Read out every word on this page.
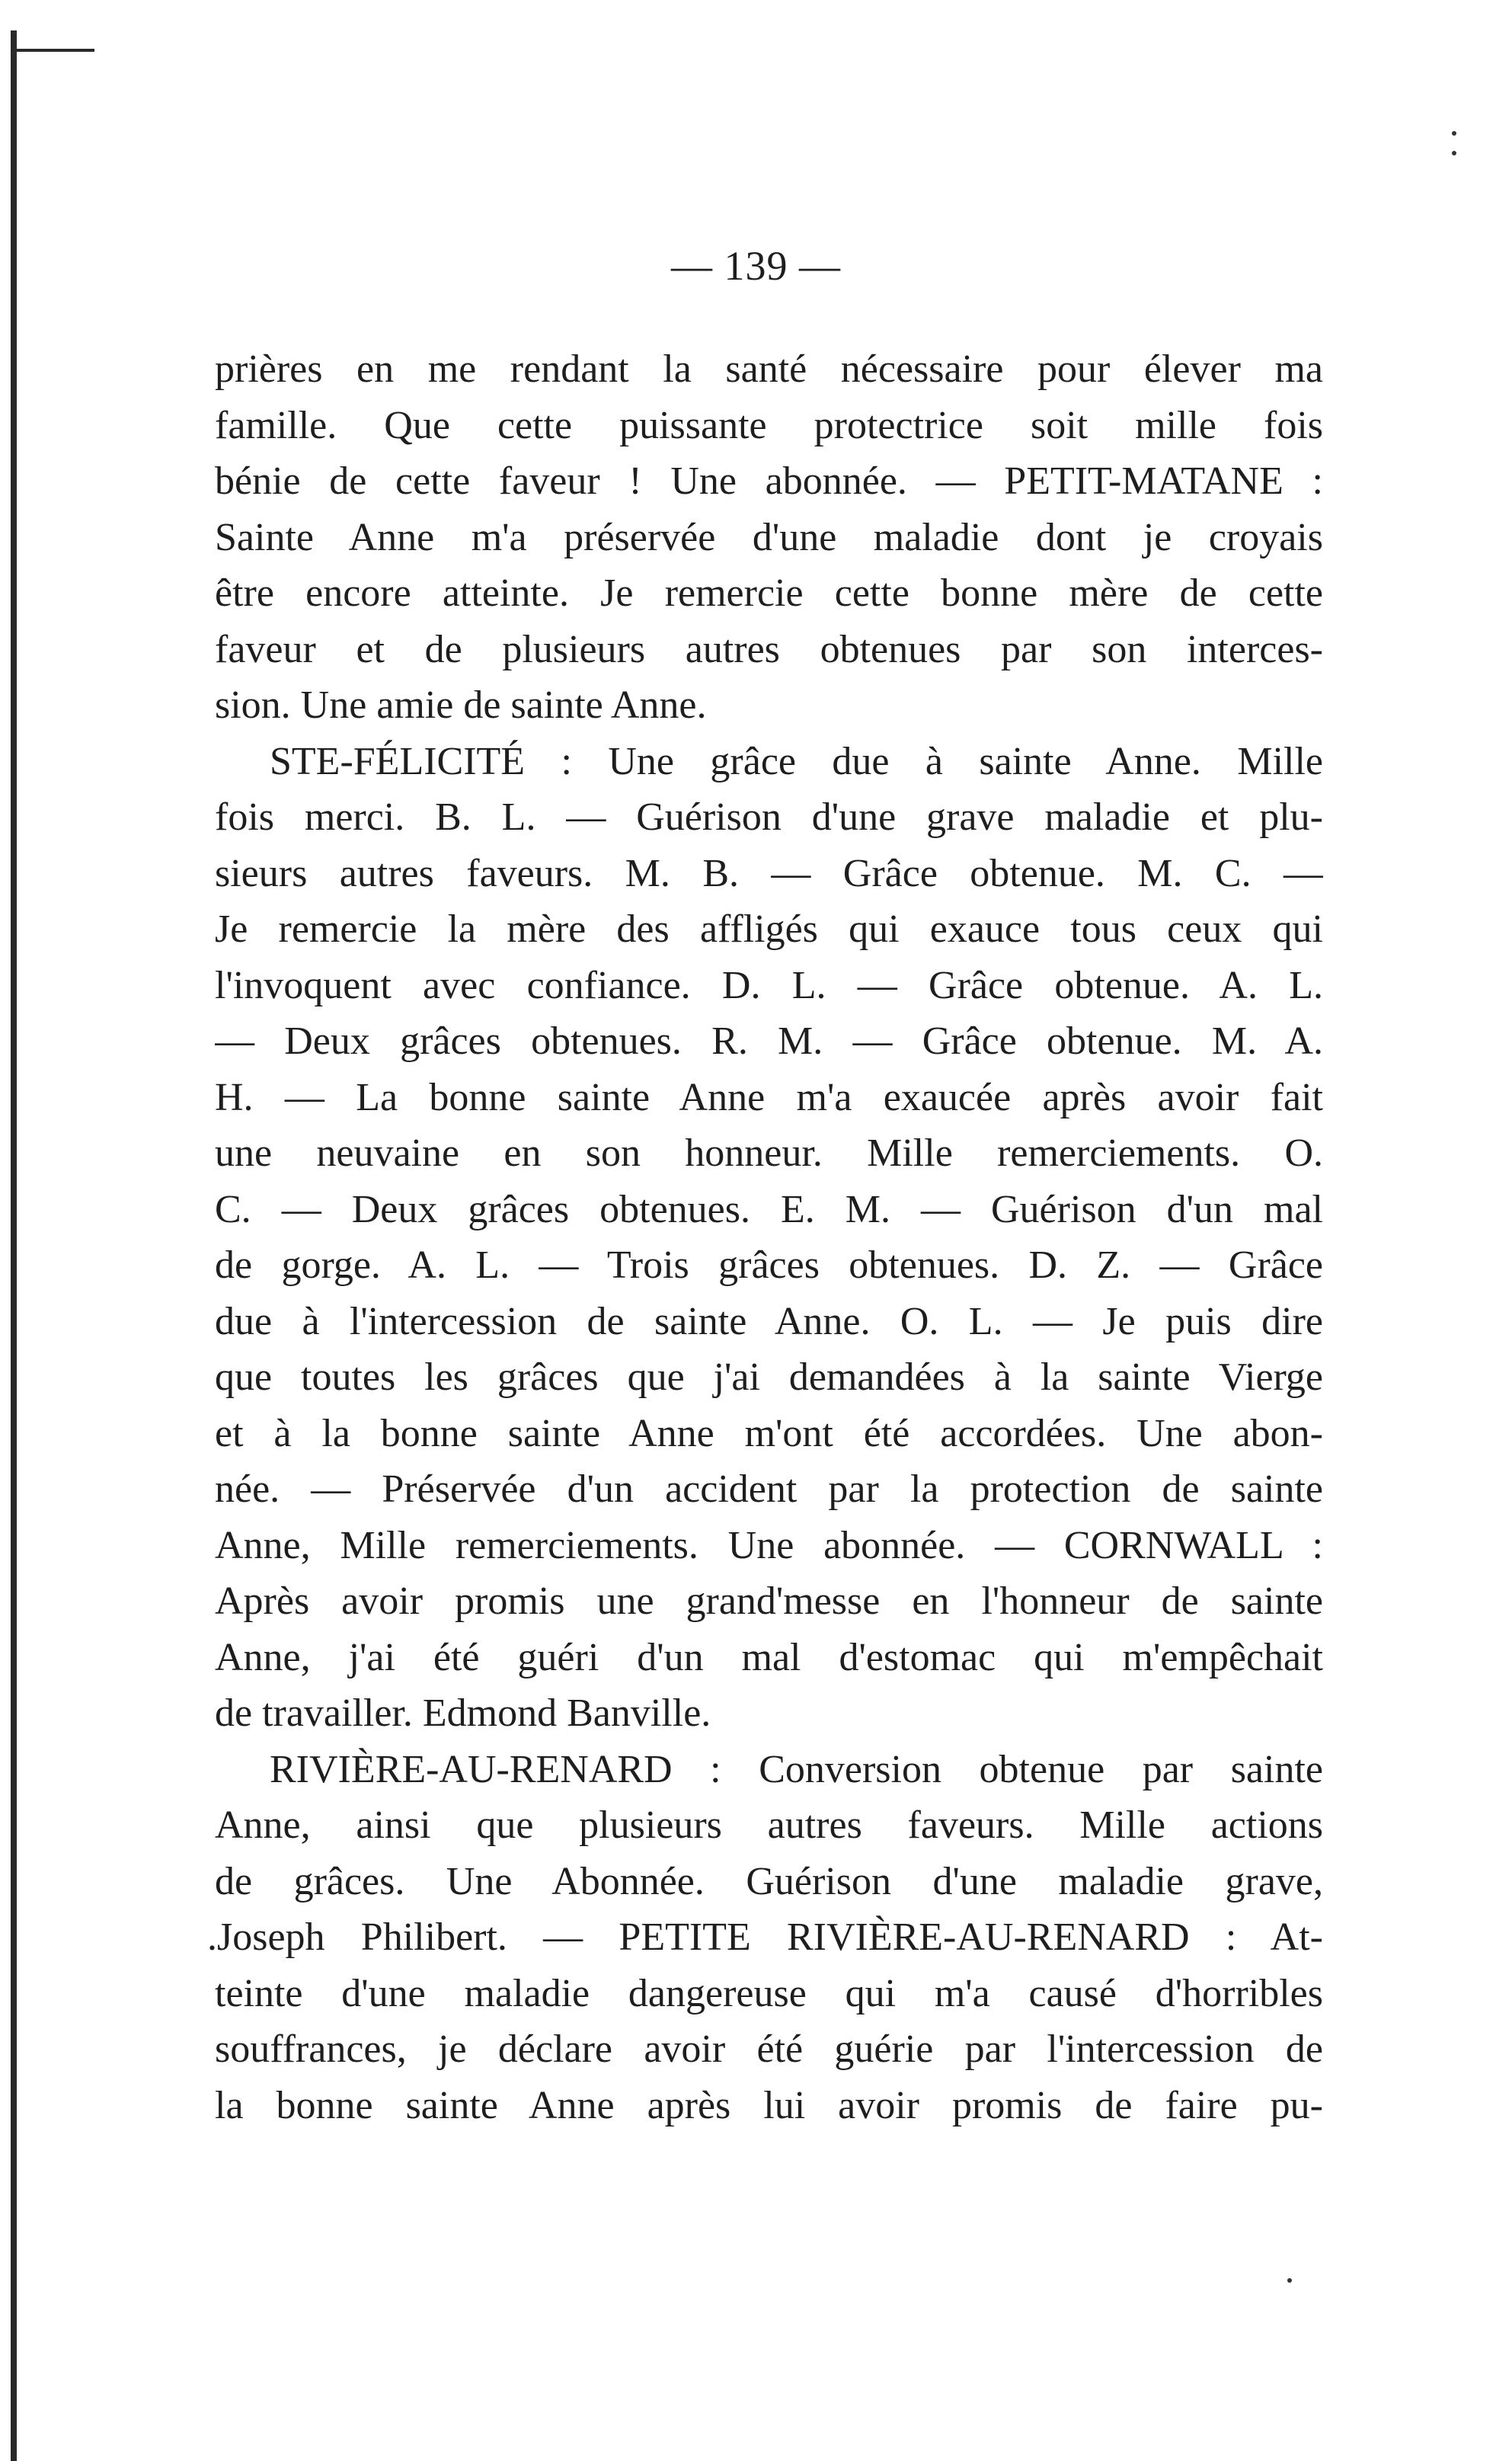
— 139 —
prières en me rendant la santé nécessaire pour élever ma
famille. Que cette puissante protectrice soit mille fois
bénie de cette faveur ! Une abonnée. — PETIT-MATANE :
Sainte Anne m'a préservée d'une maladie dont je croyais
être encore atteinte. Je remercie cette bonne mère de cette
faveur et de plusieurs autres obtenues par son interces-
sion. Une amie de sainte Anne.
STE-FÉLICITÉ : Une grâce due à sainte Anne. Mille
fois merci. B. L. — Guérison d'une grave maladie et plu-
sieurs autres faveurs. M. B. — Grâce obtenue. M. C. —
Je remercie la mère des affligés qui exauce tous ceux qui
l'invoquent avec confiance. D. L. — Grâce obtenue. A. L.
— Deux grâces obtenues. R. M. — Grâce obtenue. M. A.
H. — La bonne sainte Anne m'a exaucée après avoir fait
une neuvaine en son honneur. Mille remerciements. O.
C. — Deux grâces obtenues. E. M. — Guérison d'un mal
de gorge. A. L. — Trois grâces obtenues. D. Z. — Grâce
due à l'intercession de sainte Anne. O. L. — Je puis dire
que toutes les grâces que j'ai demandées à la sainte Vierge
et à la bonne sainte Anne m'ont été accordées. Une abon-
née. — Préservée d'un accident par la protection de sainte
Anne, Mille remerciements. Une abonnée. — CORNWALL :
Après avoir promis une grand'messe en l'honneur de sainte
Anne, j'ai été guéri d'un mal d'estomac qui m'empêchait
de travailler. Edmond Banville.
RIVIÈRE-AU-RENARD : Conversion obtenue par sainte
Anne, ainsi que plusieurs autres faveurs. Mille actions
de grâces. Une Abonnée. Guérison d'une maladie grave,
.Joseph Philibert. — PETITE RIVIÈRE-AU-RENARD : At-
teinte d'une maladie dangereuse qui m'a causé d'horribles
souffrances, je déclare avoir été guérie par l'intercession de
la bonne sainte Anne après lui avoir promis de faire pu-
